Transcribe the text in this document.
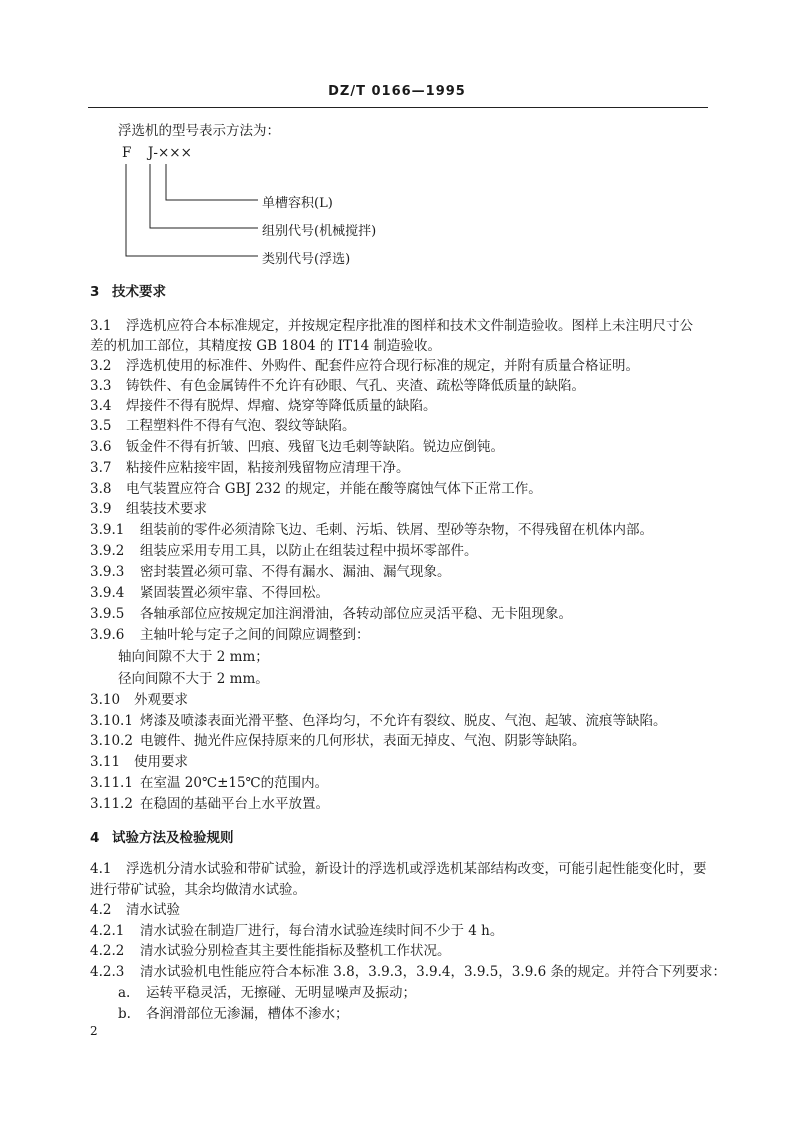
DZ/T 0166—1995
浮选机的型号表示方法为：
F J-×××
单槽容积(L)
组别代号(机械搅拌)
类别代号(浮选)
3 技术要求
3.1 浮选机应符合本标准规定，并按规定程序批准的图样和技术文件制造验收。图样上未注明尺寸公
差的机加工部位，其精度按 GB 1804 的 IT14 制造验收。
3.2 浮选机使用的标准件、外购件、配套件应符合现行标准的规定，并附有质量合格证明。
3.3 铸铁件、有色金属铸件不允许有砂眼、气孔、夹渣、疏松等降低质量的缺陷。
3.4 焊接件不得有脱焊、焊瘤、烧穿等降低质量的缺陷。
3.5 工程塑料件不得有气泡、裂纹等缺陷。
3.6 钣金件不得有折皱、凹痕、残留飞边毛刺等缺陷。锐边应倒钝。
3.7 粘接件应粘接牢固，粘接剂残留物应清理干净。
3.8 电气装置应符合 GBJ 232 的规定，并能在酸等腐蚀气体下正常工作。
3.9 组装技术要求
3.9.1 组装前的零件必须清除飞边、毛刺、污垢、铁屑、型砂等杂物，不得残留在机体内部。
3.9.2 组装应采用专用工具，以防止在组装过程中损坏零部件。
3.9.3 密封装置必须可靠、不得有漏水、漏油、漏气现象。
3.9.4 紧固装置必须牢靠、不得回松。
3.9.5 各轴承部位应按规定加注润滑油，各转动部位应灵活平稳、无卡阻现象。
3.9.6 主轴叶轮与定子之间的间隙应调整到：
轴向间隙不大于 2 mm；
径向间隙不大于 2 mm。
3.10 外观要求
3.10.1 烤漆及喷漆表面光滑平整、色泽均匀，不允许有裂纹、脱皮、气泡、起皱、流痕等缺陷。
3.10.2 电镀件、抛光件应保持原来的几何形状，表面无掉皮、气泡、阴影等缺陷。
3.11 使用要求
3.11.1 在室温 20℃±15℃的范围内。
3.11.2 在稳固的基础平台上水平放置。
4 试验方法及检验规则
4.1 浮选机分清水试验和带矿试验，新设计的浮选机或浮选机某部结构改变，可能引起性能变化时，要
进行带矿试验，其余均做清水试验。
4.2 清水试验
4.2.1 清水试验在制造厂进行，每台清水试验连续时间不少于 4 h。
4.2.2 清水试验分别检查其主要性能指标及整机工作状况。
4.2.3 清水试验机电性能应符合本标准 3.8，3.9.3，3.9.4，3.9.5，3.9.6 条的规定。并符合下列要求：
a. 运转平稳灵活，无擦碰、无明显噪声及振动；
b. 各润滑部位无渗漏，槽体不渗水；
2
